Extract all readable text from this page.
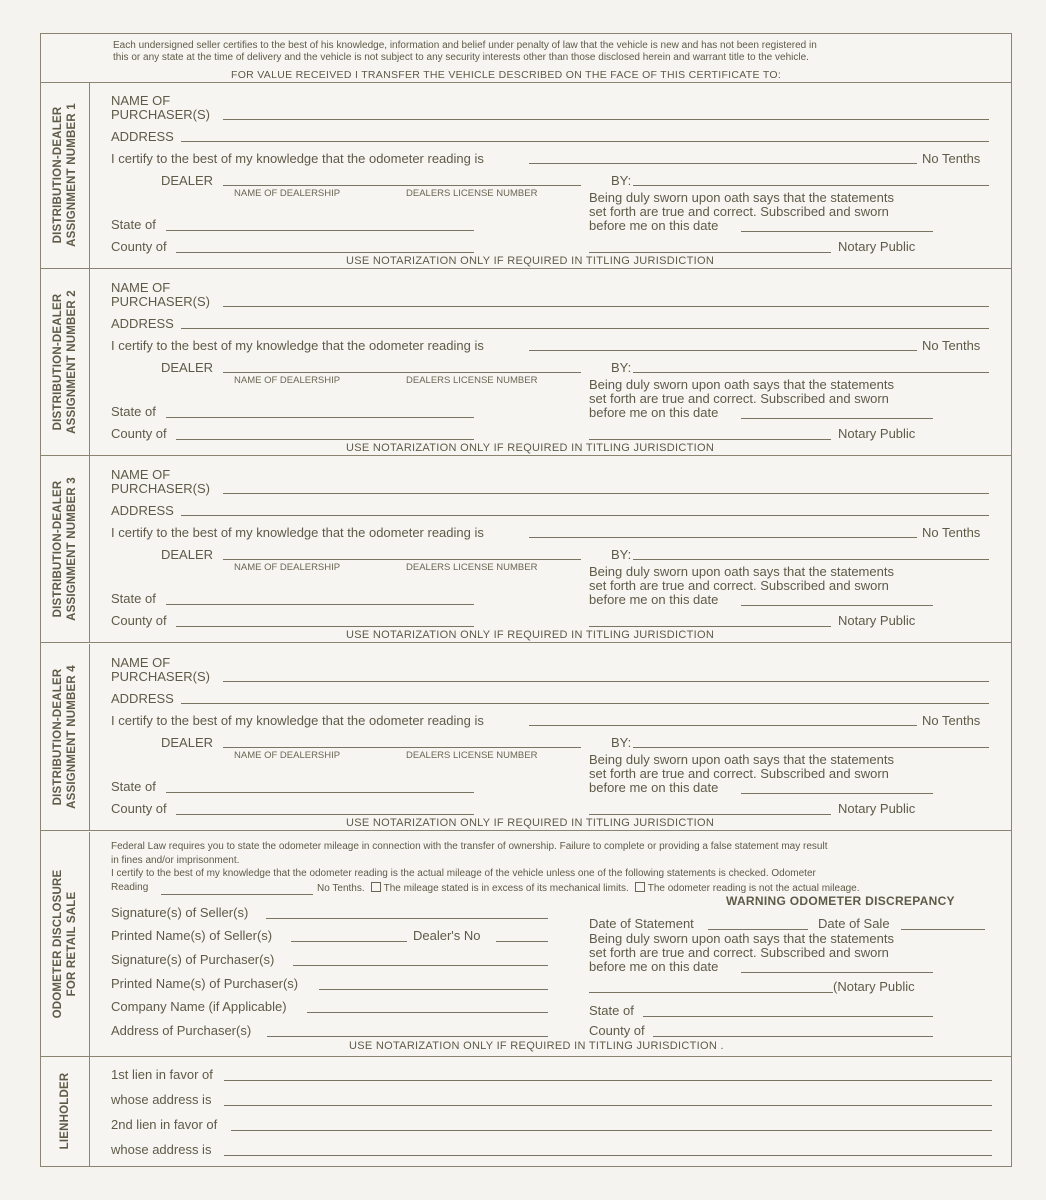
Each undersigned seller certifies to the best of his knowledge, information and belief under penalty of law that the vehicle is new and has not been registered in
this or any state at the time of delivery and the vehicle is not subject to any security interests other than those disclosed herein and warrant title to the vehicle.
FOR VALUE RECEIVED I TRANSFER THE VEHICLE DESCRIBED ON THE FACE OF THIS CERTIFICATE TO:
DISTRIBUTION-DEALER ASSIGNMENT NUMBER 1
NAME OF
PURCHASER(S)
ADDRESS
I certify to the best of my knowledge that the odometer reading is	No Tenths
DEALER
NAME OF DEALERSHIP	DEALERS LICENSE NUMBER
BY:
Being duly sworn upon oath says that the statements
set forth are true and correct. Subscribed and sworn
before me on this date
State of
County of	Notary Public
USE NOTARIZATION ONLY IF REQUIRED IN TITLING JURISDICTION
DISTRIBUTION-DEALER ASSIGNMENT NUMBER 2
NAME OF
PURCHASER(S)
ADDRESS
I certify to the best of my knowledge that the odometer reading is	No Tenths
DEALER
NAME OF DEALERSHIP	DEALERS LICENSE NUMBER
BY:
Being duly sworn upon oath says that the statements
set forth are true and correct. Subscribed and sworn
before me on this date
State of
County of	Notary Public
USE NOTARIZATION ONLY IF REQUIRED IN TITLING JURISDICTION
DISTRIBUTION-DEALER ASSIGNMENT NUMBER 3
NAME OF
PURCHASER(S)
ADDRESS
I certify to the best of my knowledge that the odometer reading is	No Tenths
DEALER
NAME OF DEALERSHIP	DEALERS LICENSE NUMBER
BY:
Being duly sworn upon oath says that the statements
set forth are true and correct. Subscribed and sworn
before me on this date
State of
County of	Notary Public
USE NOTARIZATION ONLY IF REQUIRED IN TITLING JURISDICTION
DISTRIBUTION-DEALER ASSIGNMENT NUMBER 4
NAME OF
PURCHASER(S)
ADDRESS
I certify to the best of my knowledge that the odometer reading is	No Tenths
DEALER
NAME OF DEALERSHIP	DEALERS LICENSE NUMBER
BY:
Being duly sworn upon oath says that the statements
set forth are true and correct. Subscribed and sworn
before me on this date
State of
County of	Notary Public
USE NOTARIZATION ONLY IF REQUIRED IN TITLING JURISDICTION
ODOMETER DISCLOSURE FOR RETAIL SALE
Federal Law requires you to state the odometer mileage in connection with the transfer of ownership. Failure to complete or providing a false statement may result
in fines and/or imprisonment.
I certify to the best of my knowledge that the odometer reading is the actual mileage of the vehicle unless one of the following statements is checked. Odometer
Reading	No Tenths. The mileage stated is in excess of its mechanical limits. The odometer reading is not the actual mileage.
WARNING ODOMETER DISCREPANCY
Signature(s) of Seller(s)
Printed Name(s) of Seller(s)	Dealer's No
Signature(s) of Purchaser(s)
Printed Name(s) of Purchaser(s)
Company Name (if Applicable)
Address of Purchaser(s)
Date of Statement	Date of Sale
Being duly sworn upon oath says that the statements
set forth are true and correct. Subscribed and sworn
before me on this date
(Notary Public
State of
County of
USE NOTARIZATION ONLY IF REQUIRED IN TITLING JURISDICTION .
LIENHOLDER	1st lien in favor of
whose address is
2nd lien in favor of
whose address is
